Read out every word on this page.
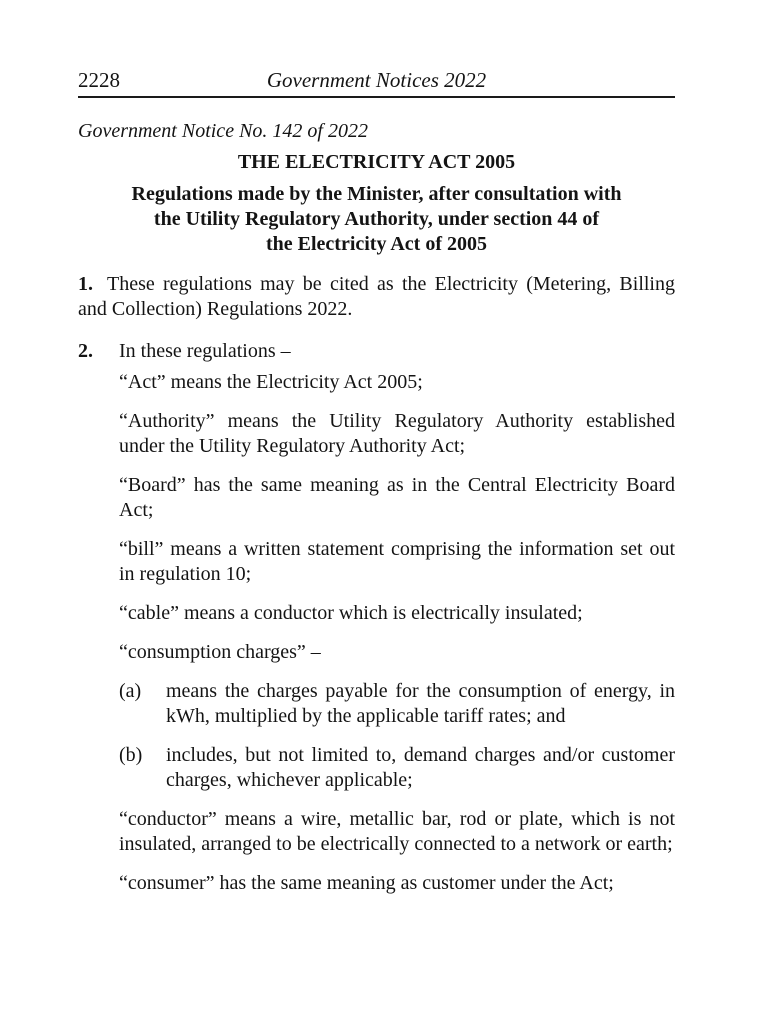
2228	Government Notices 2022
Government Notice No. 142 of 2022
THE ELECTRICITY ACT 2005
Regulations made by the Minister, after consultation with
the Utility Regulatory Authority, under section 44 of
the Electricity Act of 2005
1. These regulations may be cited as the Electricity (Metering, Billing and Collection) Regulations 2022.
2. In these regulations –
“Act” means the Electricity Act 2005;
“Authority” means the Utility Regulatory Authority established under the Utility Regulatory Authority Act;
“Board” has the same meaning as in the Central Electricity Board Act;
“bill” means a written statement comprising the information set out in regulation 10;
“cable” means a conductor which is electrically insulated;
“consumption charges” –
(a) means the charges payable for the consumption of energy, in kWh, multiplied by the applicable tariff rates; and
(b) includes, but not limited to, demand charges and/or customer charges, whichever applicable;
“conductor” means a wire, metallic bar, rod or plate, which is not insulated, arranged to be electrically connected to a network or earth;
“consumer” has the same meaning as customer under the Act;
